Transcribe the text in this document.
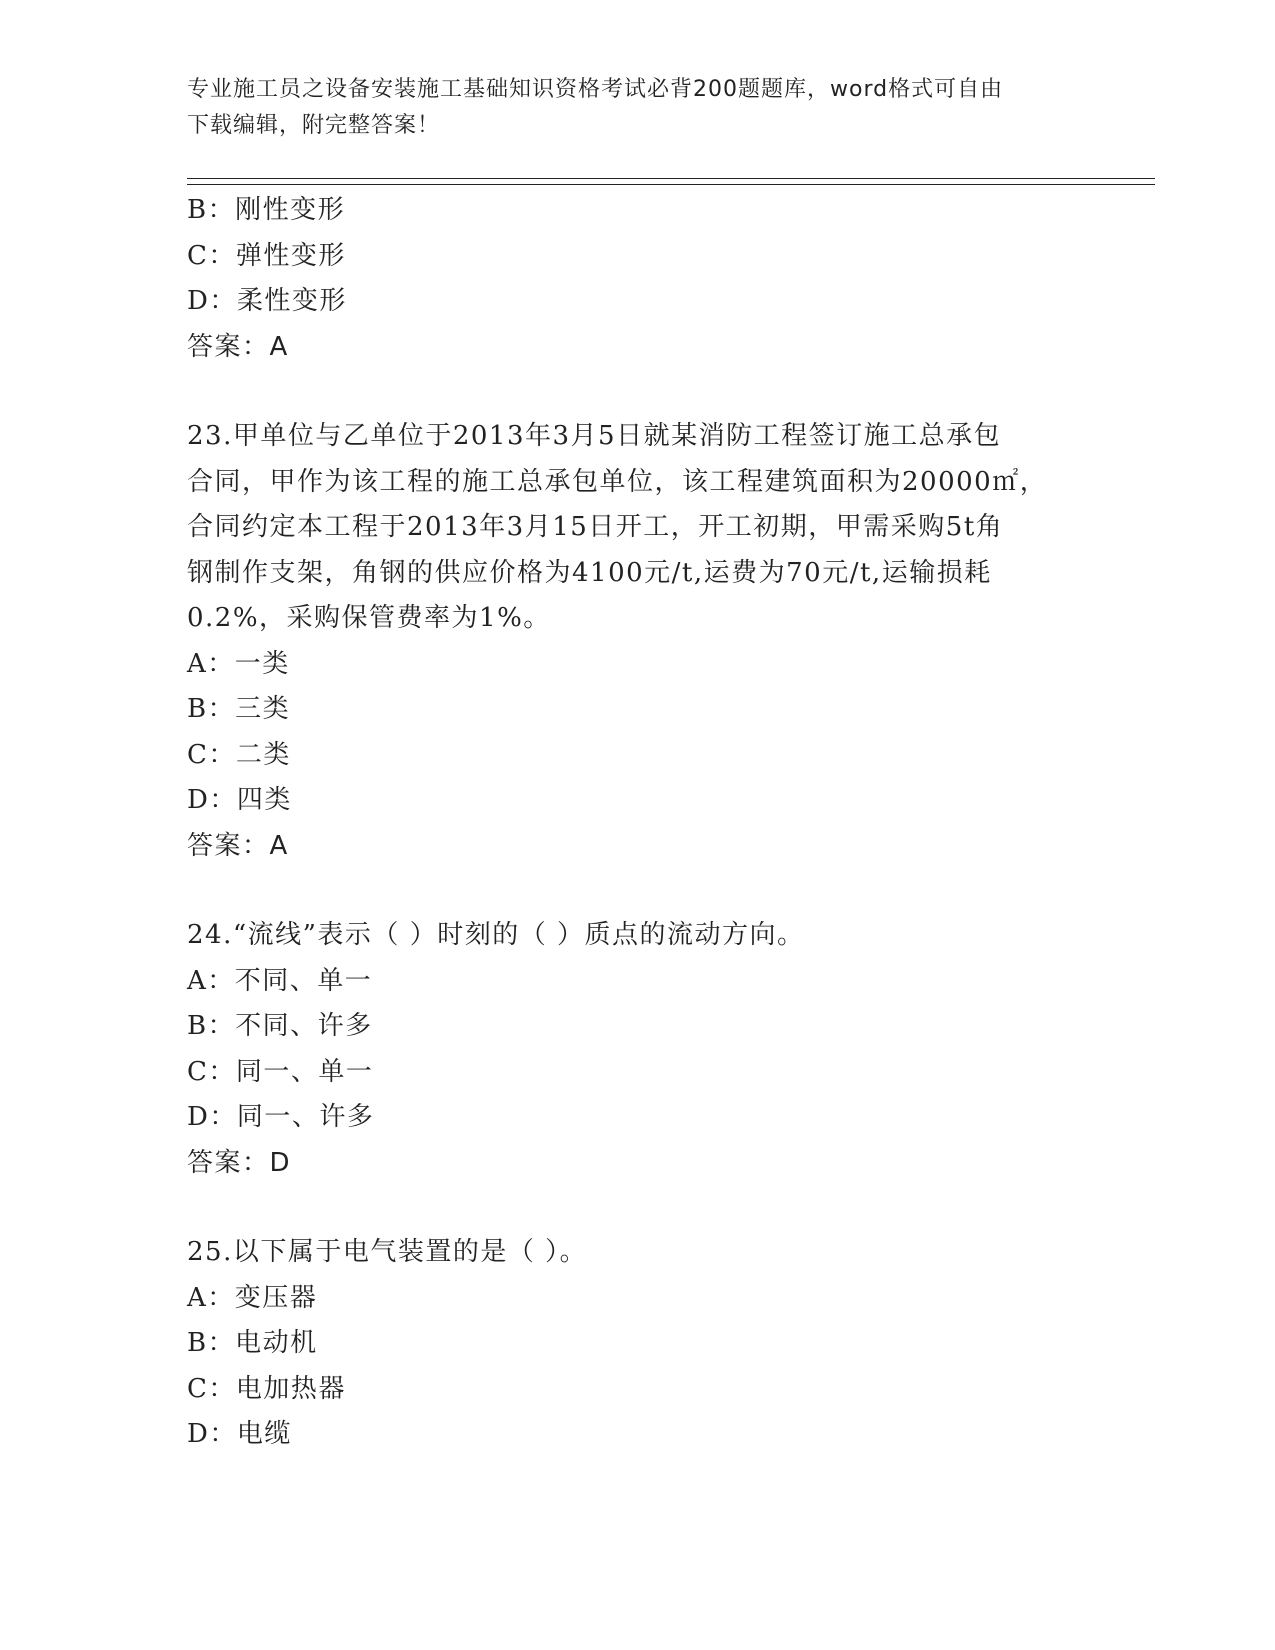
专业施工员之设备安装施工基础知识资格考试必背200题题库，word格式可自由
下载编辑，附完整答案！
B：刚性变形
C：弹性变形
D：柔性变形
答案：A
23.甲单位与乙单位于2013年3月5日就某消防工程签订施工总承包
合同，甲作为该工程的施工总承包单位，该工程建筑面积为20000㎡，
合同约定本工程于2013年3月15日开工，开工初期，甲需采购5t角
钢制作支架，角钢的供应价格为4100元/t,运费为70元/t,运输损耗
0.2%，采购保管费率为1%。
A：一类
B：三类
C：二类
D：四类
答案：A
24.“流线”表示（ ）时刻的（ ）质点的流动方向。
A：不同、单一
B：不同、许多
C：同一、单一
D：同一、许多
答案：D
25.以下属于电气装置的是（ ）。
A：变压器
B：电动机
C：电加热器
D：电缆
